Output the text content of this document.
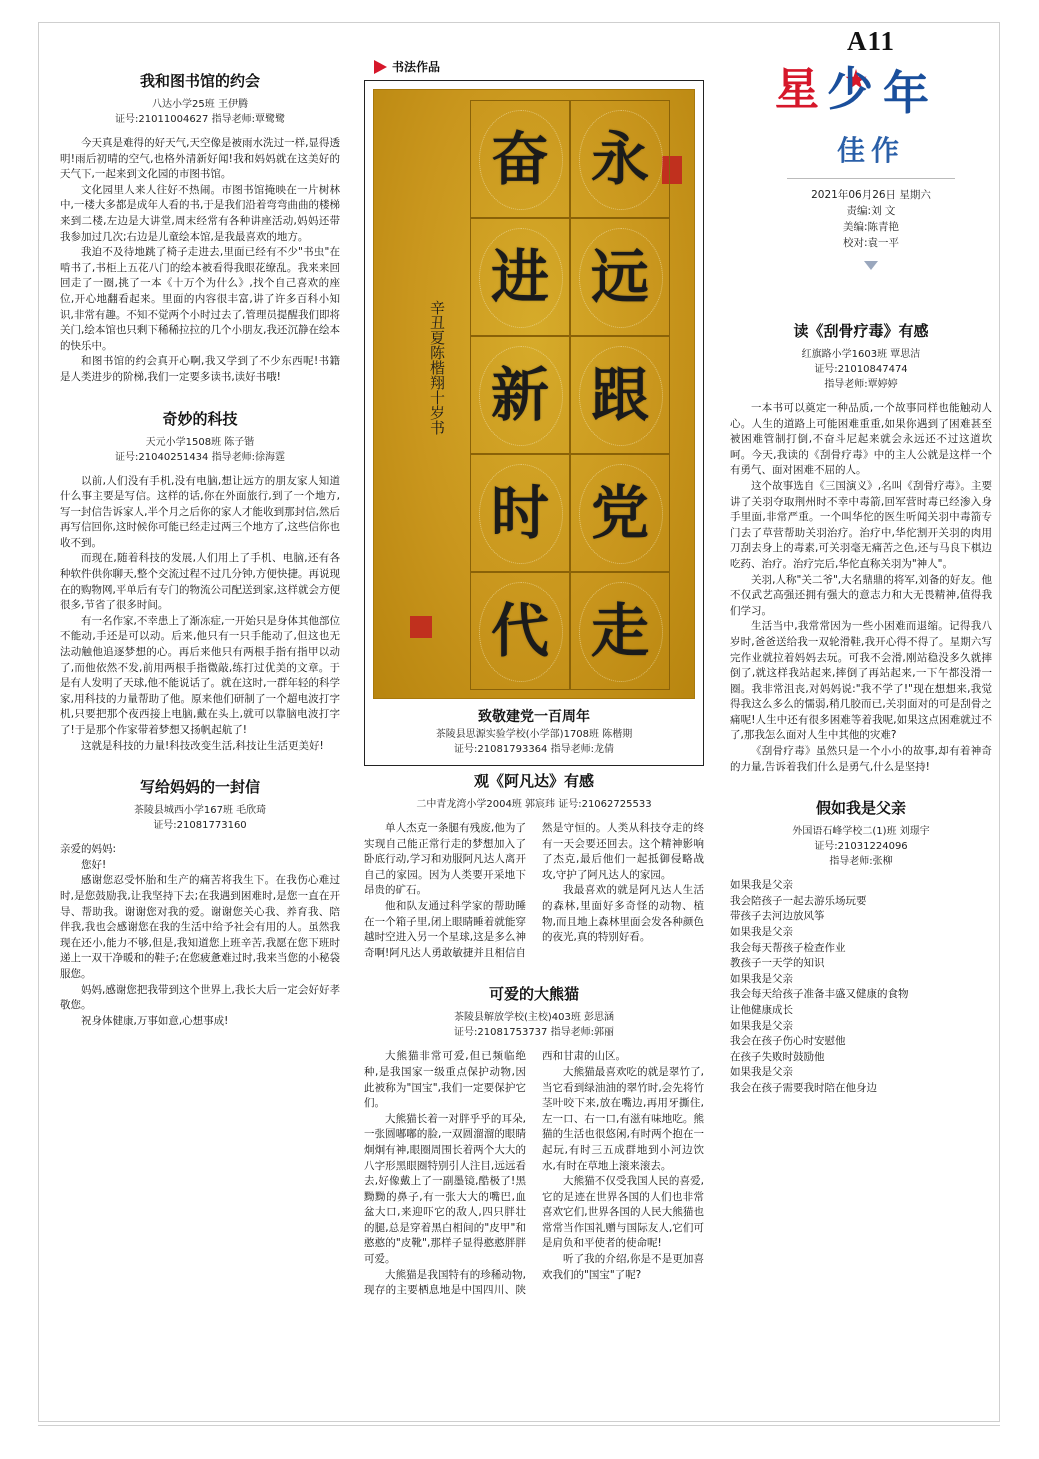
A11
星 少 年
佳作
2021年06月26日 星期六
责编:刘 文
美编:陈青艳
校对:袁一平
书法作品
辛丑夏陈楷翔十岁书
奋 永
进 远
新 跟
时 党
代 走
致敬建党一百周年
茶陵县思源实验学校(小学部)1708班 陈楷期
证号:21081793364 指导老师:龙倩
我和图书馆的约会
八达小学25班 王伊腾
证号:21011004627 指导老师:覃鹭鹭

今天真是难得的好天气,天空像是被雨水洗过一样,显得透明!雨后初晴的空气,也格外清新好闻!我和妈妈就在这美好的天气下,一起来到文化园的市图书馆。

文化园里人来人往好不热闹。市图书馆掩映在一片树林中,一楼大多都是成年人看的书,于是我们沿着弯弯曲曲的楼梯来到二楼,左边是大讲堂,周末经常有各种讲座活动,妈妈还带我参加过几次;右边是儿童绘本馆,是我最喜欢的地方。

我迫不及待地跳了椅子走进去,里面已经有不少"书虫"在啃书了,书柜上五花八门的绘本被看得我眼花缭乱。我来来回回走了一圈,挑了一本《十万个为什么》,找个自己喜欢的座位,开心地翻看起来。里面的内容很丰富,讲了许多百科小知识,非常有趣。不知不觉两个小时过去了,管理员提醒我们即将关门,绘本馆也只剩下稀稀拉拉的几个小朋友,我还沉静在绘本的快乐中。

和图书馆的约会真开心啊,我又学到了不少东西呢!书籍是人类进步的阶梯,我们一定要多读书,读好书哦!

奇妙的科技
天元小学1508班 陈子锴
证号:21040251434 指导老师:徐海霆

以前,人们没有手机,没有电脑,想让远方的朋友家人知道什么事主要是写信。这样的话,你在外面旅行,到了一个地方,写一封信告诉家人,半个月之后你的家人才能收到那封信,然后再写信回你,这时候你可能已经走过两三个地方了,这些信你也收不到。

而现在,随着科技的发展,人们用上了手机、电脑,还有各种软件供你聊天,整个交流过程不过几分钟,方便快捷。再说现在的购物网,平单后有专门的物流公司配送到家,这样就会方便很多,节省了很多时间。

有一名作家,不幸患上了渐冻症,一开始只是身体其他部位不能动,手还是可以动。后来,他只有一只手能动了,但这也无法动触他追逐梦想的心。再后来他只有两根手指有指甲以动了,而他依然不发,前用两根手指微敲,练打过优美的文章。于是有人发明了天球,他不能说话了。就在这时,一群年轻的科学家,用科技的力量帮助了他。原来他们研制了一个超电波打字机,只要把那个夜西接上电脑,戴在头上,就可以靠脑电波打字了!于是那个作家带着梦想又扬帆起航了!

这就是科技的力量!科技改变生活,科技让生活更美好!

写给妈妈的一封信
茶陵县城西小学167班 毛欣琦
证号:21081773160

亲爱的妈妈:

您好!

感谢您忍受怀胎和生产的痛苦将我生下。在我伤心难过时,是您鼓励我,让我坚持下去;在我遇到困难时,是您一直在开导、帮助我。谢谢您对我的爱。谢谢您关心我、养育我、陪伴我,我也会感谢您在我的生活中给予社会有用的人。虽然我现在还小,能力不够,但是,我知道您上班辛苦,我愿在您下班时递上一双干净暖和的鞋子;在您疲惫难过时,我来当您的小秘袋服您。

妈妈,感谢您把我带到这个世界上,我长大后一定会好好孝敬您。

祝身体健康,万事如意,心想事成!

观《阿凡达》有感
二中青龙湾小学2004班 郭宸玮 证号:21062725533

单人杰克一条腿有残废,他为了实现自己能正常行走的梦想加入了卧底行动,学习和劝服阿凡达人离开自己的家园。因为人类要开采地下昂贵的矿石。

他和队友通过科学家的帮助睡在一个箱子里,闭上眼睛睡着就能穿越时空进入另一个星球,这是多么神奇啊!阿凡达人勇敢敏捷并且相信自然是守恒的。人类从科技夺走的终有一天会要还回去。这个精神影响了杰克,最后他们一起抵御侵略战攻,守护了阿凡达人的家园。

我最喜欢的就是阿凡达人生活的森林,里面好多奇怪的动物、植物,而且地上森林里面会发各种颜色的夜光,真的特别好看。

可爱的大熊猫
茶陵县解放学校(主校)403班 彭思涵
证号:21081753737 指导老师:郭丽

大熊猫非常可爱,但已频临绝种,是我国家一级重点保护动物,因此被称为"国宝",我们一定要保护它们。

大熊猫长着一对胖乎乎的耳朵,一张圆嘟嘟的脸,一双圆溜溜的眼睛炯炯有神,眼圈周围长着两个大大的八字形黑眼圈特别引人注目,远远看去,好像戴上了一副墨镜,酷极了!黑黝黝的鼻子,有一张大大的嘴巴,血盆大口,来迎吓它的敌人,四只胖壮的腿,总是穿着黑白相间的"皮甲"和憨憨的"皮靴",那样子显得憨憨胖胖可爱。

大熊猫是我国特有的珍稀动物,现存的主要栖息地是中国四川、陕西和甘肃的山区。

大熊猫最喜欢吃的就是翠竹了,当它看到绿油油的翠竹时,会先将竹茎叶咬下来,放在嘴边,再用牙撕住,左一口、右一口,有滋有味地吃。熊猫的生活也很悠闲,有时两个抱在一起玩,有时三五成群地到小河边饮水,有时在草地上滚来滚去。

大熊猫不仅受我国人民的喜爱,它的足迹在世界各国的人们也非常喜欢它们,世界各国的人民大熊猫也常常当作国礼赠与国际友人,它们可是肩负和平使者的使命呢!

听了我的介绍,你是不是更加喜欢我们的"国宝"了呢?

读《刮骨疗毒》有感
红旗路小学1603班 覃思洁
证号:21010847474
指导老师:覃婷婷

一本书可以奠定一种品质,一个故事同样也能触动人心。人生的道路上可能困难重重,如果你遇到了困难甚至被困难管制打倒,不奋斗尼起来就会永远还不过这道坎呵。今天,我读的《刮骨疗毒》中的主人公就是这样一个有勇气、面对困难不屈的人。

这个故事选自《三国演义》,名叫《刮骨疗毒》。主要讲了关羽夺取荆州时不幸中毒箭,回军营时毒已经渗入身手里面,非常严重。一个叫华佗的医生听闻关羽中毒箭专门去了草营帮助关羽治疗。治疗中,华佗割开关羽的肉用刀刮去身上的毒素,可关羽毫无痛苦之色,还与马良下棋边吃药、治疗。治疗完后,华佗直称关羽为"神人"。

关羽,人称"关二爷",大名鼎鼎的将军,刘备的好友。他不仅武艺高强还拥有强大的意志力和大无畏精神,值得我们学习。

生活当中,我常常因为一些小困难而退缩。记得我八岁时,爸爸送给我一双轮滑鞋,我开心得不得了。星期六写完作业就拉着妈妈去玩。可我不会滑,刚站稳没多久就摔倒了,就这样我站起来,摔倒了再站起来,一下午都没滑一圈。我非常沮丧,对妈妈说:"我不学了!"现在想想来,我觉得我这么多么的懦弱,稍几胶而已,关羽面对的可是刮骨之痛呢!人生中还有很多困难等着我呢,如果这点困难就过不了,那我怎么面对人生中其他的灾难?

《刮骨疗毒》虽然只是一个小小的故事,却有着神奇的力量,告诉着我们什么是勇气,什么是坚持!

假如我是父亲
外国语石峰学校二(1)班 刘璟宇
证号:21031224096
指导老师:张柳

如果我是父亲

我会陪孩子一起去游乐场玩要

带孩子去河边放风筝

如果我是父亲

我会每天帮孩子检查作业

教孩子一天学的知识

如果我是父亲

我会每天给孩子准备丰盛又健康的食物

让他健康成长

如果我是父亲

我会在孩子伤心时安慰他

在孩子失败时鼓励他

如果我是父亲

我会在孩子需要我时陪在他身边
